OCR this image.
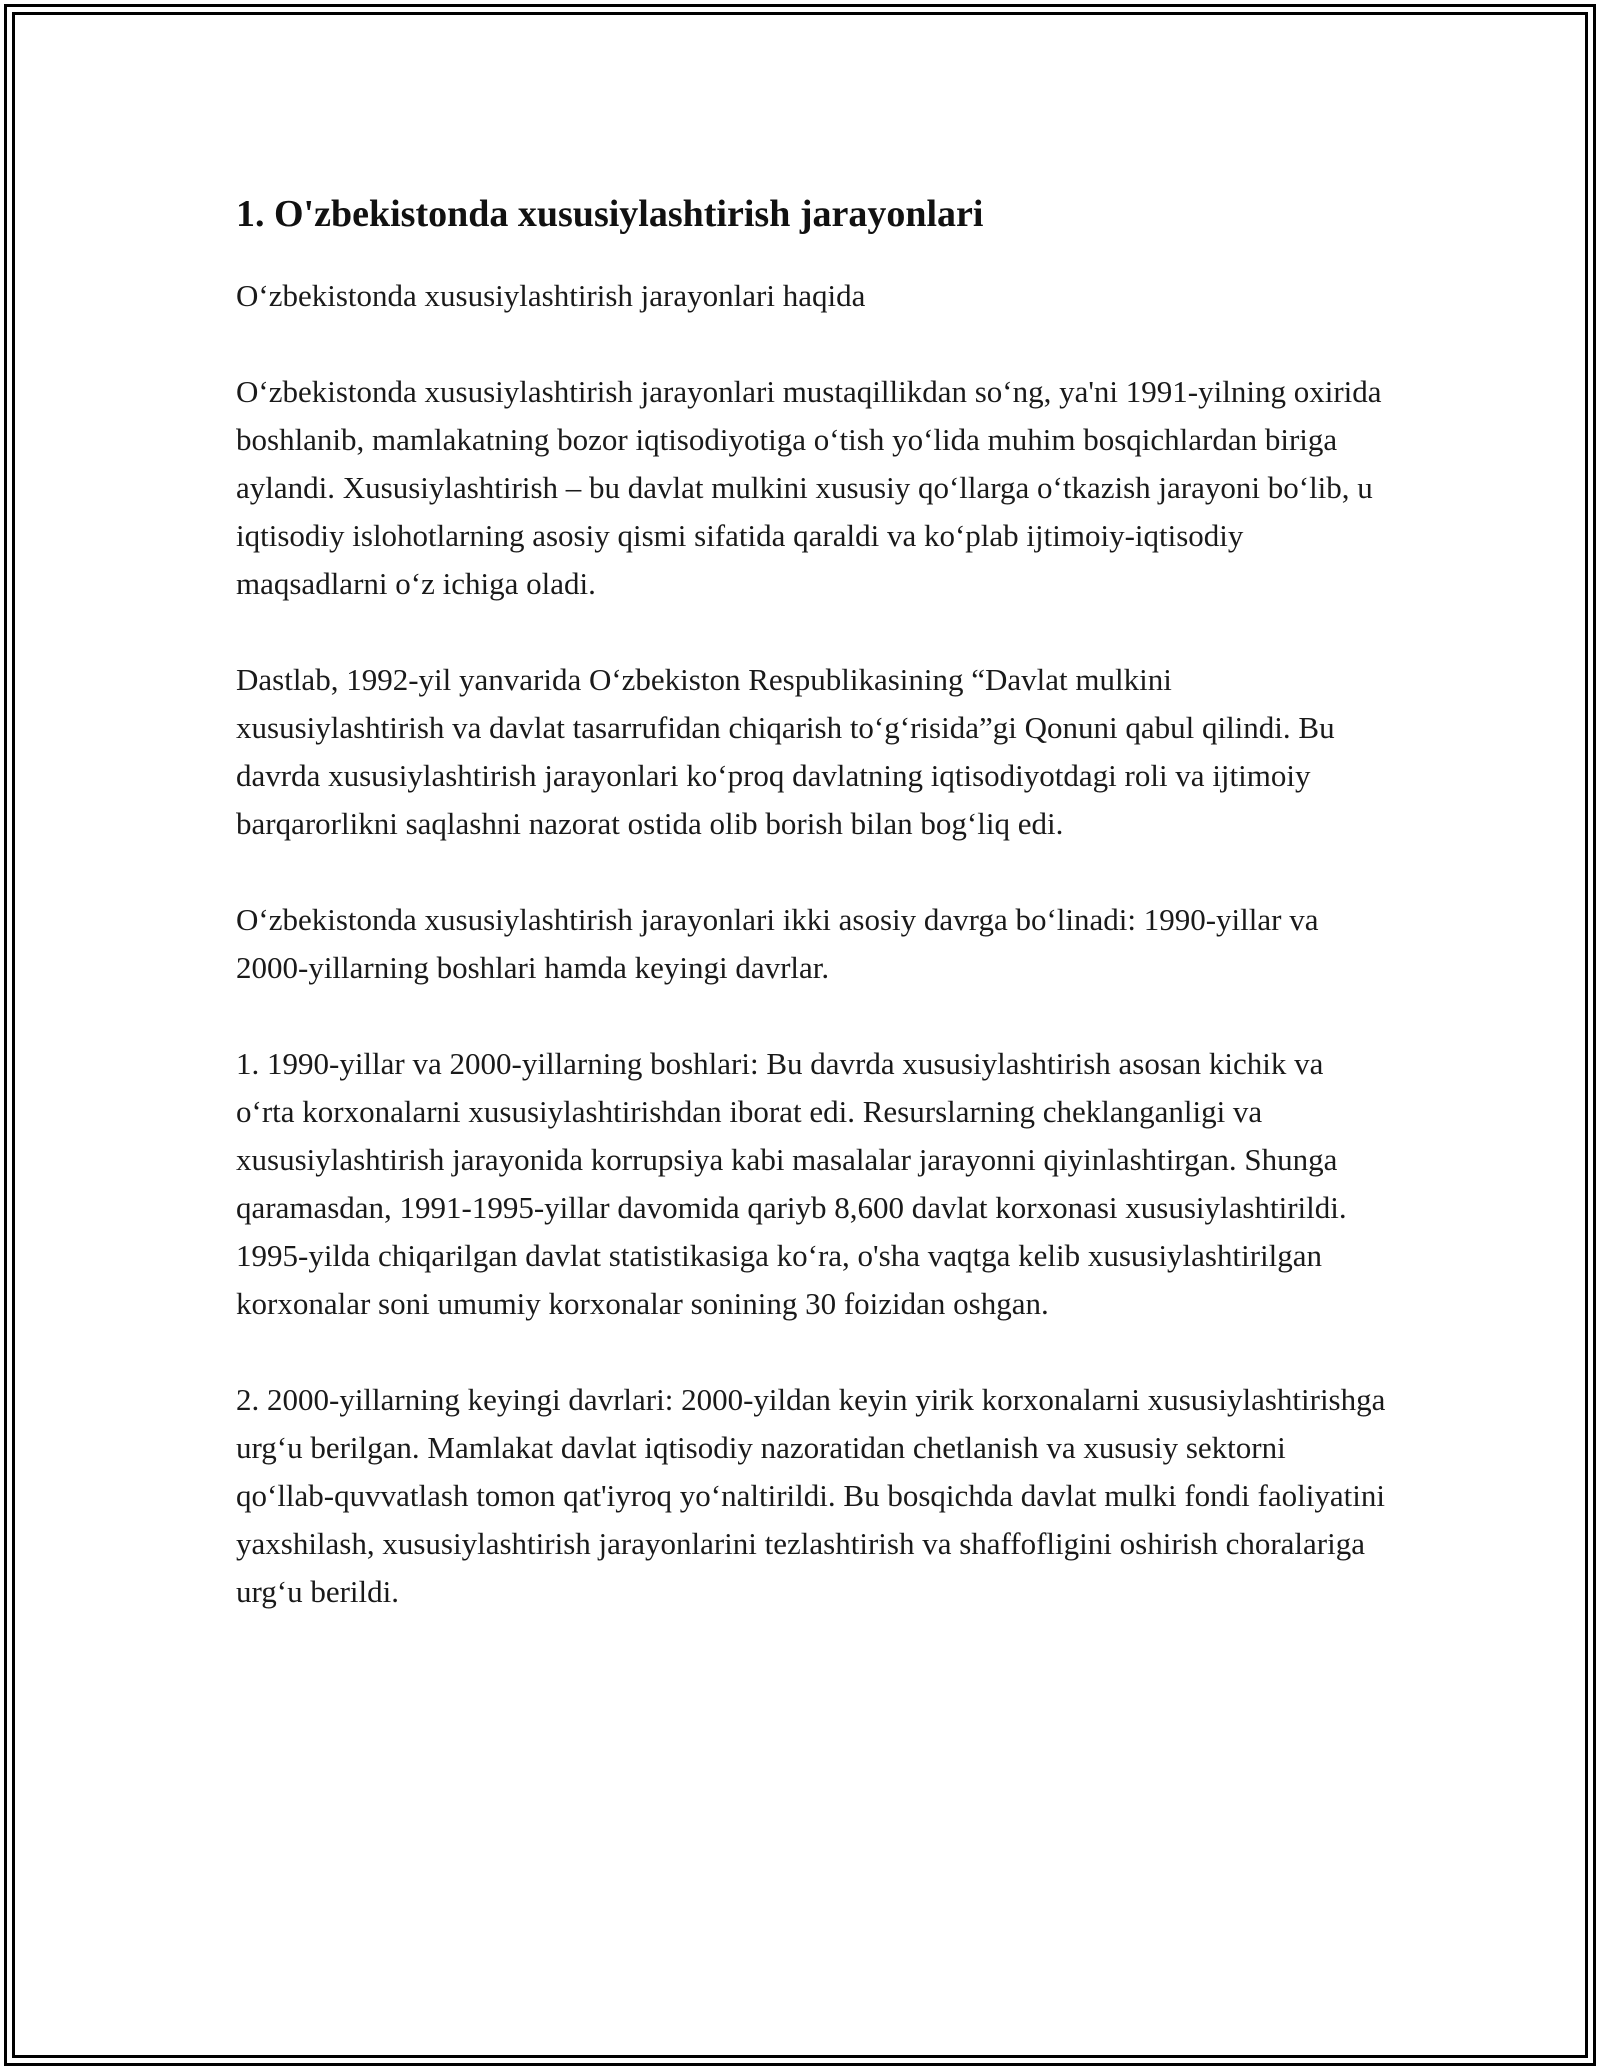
1. O'zbekistonda xususiylashtirish jarayonlari

O‘zbekistonda xususiylashtirish jarayonlari haqida

O‘zbekistonda xususiylashtirish jarayonlari mustaqillikdan so‘ng, ya'ni 1991-yilning oxirida boshlanib, mamlakatning bozor iqtisodiyotiga o‘tish yo‘lida muhim bosqichlardan biriga aylandi. Xususiylashtirish – bu davlat mulkini xususiy qo‘llarga o‘tkazish jarayoni bo‘lib, u iqtisodiy islohotlarning asosiy qismi sifatida qaraldi va ko‘plab ijtimoiy-iqtisodiy maqsadlarni o‘z ichiga oladi.

Dastlab, 1992-yil yanvarida O‘zbekiston Respublikasining “Davlat mulkini xususiylashtirish va davlat tasarrufidan chiqarish to‘g‘risida”gi Qonuni qabul qilindi. Bu davrda xususiylashtirish jarayonlari ko‘proq davlatning iqtisodiyotdagi roli va ijtimoiy barqarorlikni saqlashni nazorat ostida olib borish bilan bog‘liq edi.

O‘zbekistonda xususiylashtirish jarayonlari ikki asosiy davrga bo‘linadi: 1990-yillar va 2000-yillarning boshlari hamda keyingi davrlar.

1. 1990-yillar va 2000-yillarning boshlari: Bu davrda xususiylashtirish asosan kichik va o‘rta korxonalarni xususiylashtirishdan iborat edi. Resurslarning cheklanganligi va xususiylashtirish jarayonida korrupsiya kabi masalalar jarayonni qiyinlashtirgan. Shunga qaramasdan, 1991-1995-yillar davomida qariyb 8,600 davlat korxonasi xususiylashtirildi. 1995-yilda chiqarilgan davlat statistikasiga ko‘ra, o'sha vaqtga kelib xususiylashtirilgan korxonalar soni umumiy korxonalar sonining 30 foizidan oshgan.

2. 2000-yillarning keyingi davrlari: 2000-yildan keyin yirik korxonalarni xususiylashtirishga urg‘u berilgan. Mamlakat davlat iqtisodiy nazoratidan chetlanish va xususiy sektorni qo‘llab-quvvatlash tomon qat'iyroq yo‘naltirildi. Bu bosqichda davlat mulki fondi faoliyatini yaxshilash, xususiylashtirish jarayonlarini tezlashtirish va shaffofligini oshirish choralariga urg‘u berildi.
